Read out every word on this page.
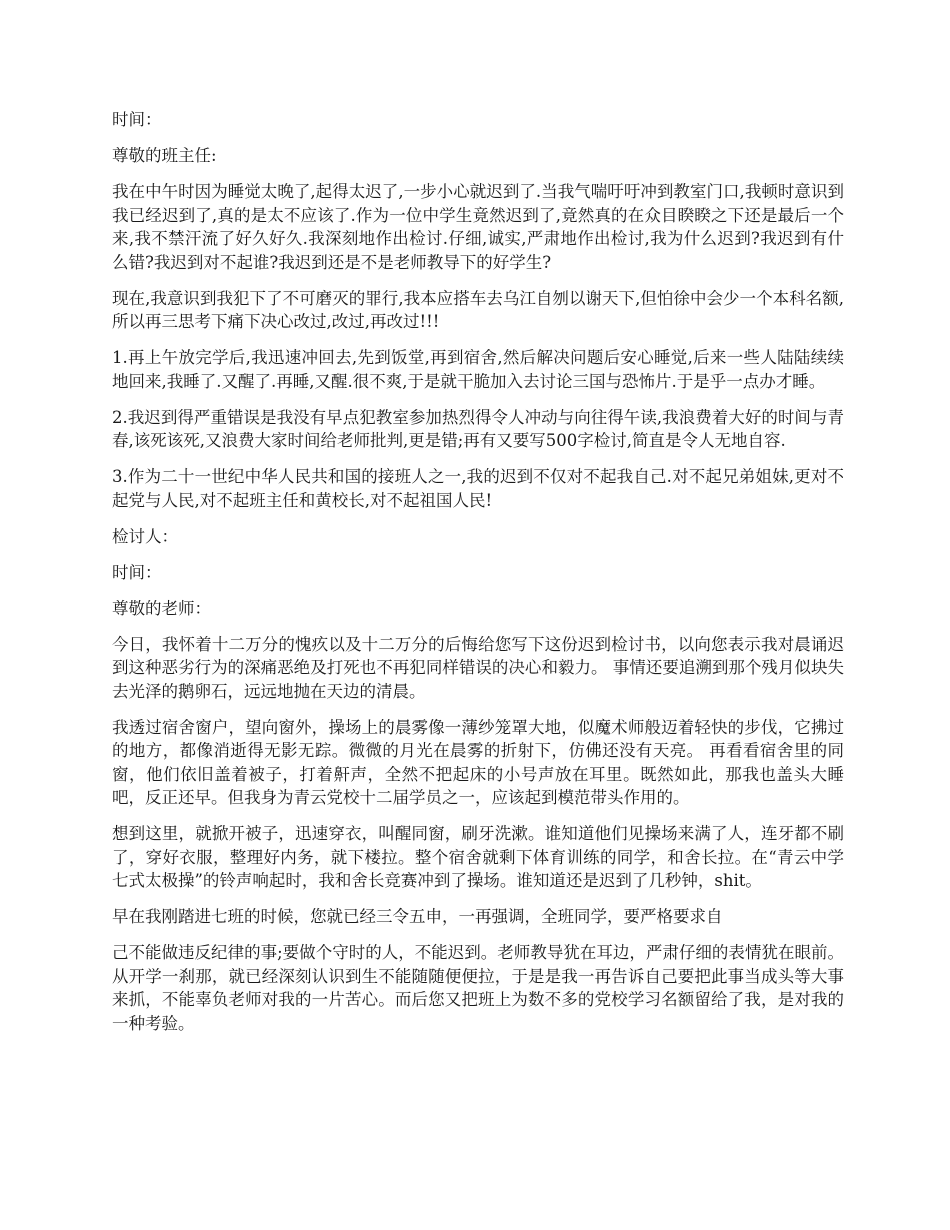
时间：

尊敬的班主任:

我在中午时因为睡觉太晚了,起得太迟了,一步小心就迟到了.当我气喘吁吁冲到教室门口,我顿时意识到我已经迟到了,真的是太不应该了.作为一位中学生竟然迟到了,竟然真的在众目睽睽之下还是最后一个来,我不禁汗流了好久好久.我深刻地作出检讨.仔细,诚实,严肃地作出检讨,我为什么迟到?我迟到有什么错?我迟到对不起谁?我迟到还是不是老师教导下的好学生?

现在,我意识到我犯下了不可磨灭的罪行,我本应搭车去乌江自刎以谢天下,但怕徐中会少一个本科名额,所以再三思考下痛下决心改过,改过,再改过!!!

1.再上午放完学后,我迅速冲回去,先到饭堂,再到宿舍,然后解决问题后安心睡觉,后来一些人陆陆续续地回来,我睡了.又醒了.再睡,又醒.很不爽,于是就干脆加入去讨论三国与恐怖片.于是乎一点办才睡。

2.我迟到得严重错误是我没有早点犯教室参加热烈得令人冲动与向往得午读,我浪费着大好的时间与青春,该死该死,又浪费大家时间给老师批判,更是错;再有又要写500字检讨,简直是令人无地自容.

3.作为二十一世纪中华人民共和国的接班人之一,我的迟到不仅对不起我自己.对不起兄弟姐妹,更对不起党与人民,对不起班主任和黄校长,对不起祖国人民!

检讨人：

时间：

尊敬的老师：

今日，我怀着十二万分的愧疚以及十二万分的后悔给您写下这份迟到检讨书，以向您表示我对晨诵迟到这种恶劣行为的深痛恶绝及打死也不再犯同样错误的决心和毅力。 事情还要追溯到那个残月似块失去光泽的鹅卵石，远远地抛在天边的清晨。

我透过宿舍窗户，望向窗外，操场上的晨雾像一薄纱笼罩大地，似魔术师般迈着轻快的步伐，它拂过的地方，都像消逝得无影无踪。微微的月光在晨雾的折射下，仿佛还没有天亮。 再看看宿舍里的同窗，他们依旧盖着被子，打着鼾声，全然不把起床的小号声放在耳里。既然如此，那我也盖头大睡吧，反正还早。但我身为青云党校十二届学员之一，应该起到模范带头作用的。

想到这里，就掀开被子，迅速穿衣，叫醒同窗，刷牙洗漱。谁知道他们见操场来满了人，连牙都不刷了，穿好衣服，整理好内务，就下楼拉。整个宿舍就剩下体育训练的同学，和舍长拉。在“青云中学七式太极操”的铃声响起时，我和舍长竞赛冲到了操场。谁知道还是迟到了几秒钟，shit。

早在我刚踏进七班的时候，您就已经三令五申，一再强调，全班同学，要严格要求自

己不能做违反纪律的事;要做个守时的人，不能迟到。老师教导犹在耳边，严肃仔细的表情犹在眼前。从开学一刹那，就已经深刻认识到生不能随随便便拉，于是是我一再告诉自己要把此事当成头等大事来抓，不能辜负老师对我的一片苦心。而后您又把班上为数不多的党校学习名额留给了我，是对我的一种考验。
